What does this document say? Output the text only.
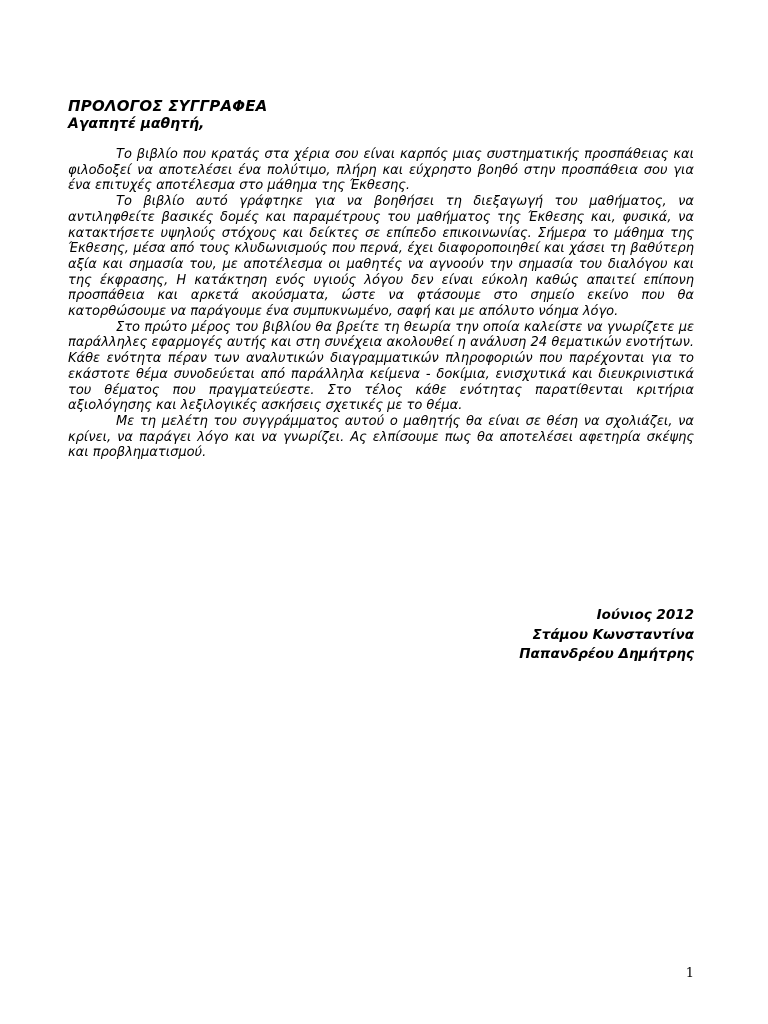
ΠΡΟΛΟΓΟΣ ΣΥΓΓΡΑΦΕΑ

Αγαπητέ μαθητή,

Το βιβλίο που κρατάς στα χέρια σου είναι καρπός μιας συστηματικής προσπάθειας και φιλοδοξεί να αποτελέσει ένα πολύτιμο, πλήρη και εύχρηστο βοηθό στην προσπάθεια σου για ένα επιτυχές αποτέλεσμα στο μάθημα της Έκθεσης.

Το βιβλίο αυτό γράφτηκε για να βοηθήσει τη διεξαγωγή του μαθήματος, να αντιληφθείτε βασικές δομές και παραμέτρους του μαθήματος της Έκθεσης και, φυσικά, να κατακτήσετε υψηλούς στόχους και δείκτες σε επίπεδο επικοινωνίας. Σήμερα το μάθημα της Έκθεσης, μέσα από τους κλυδωνισμούς που περνά, έχει διαφοροποιηθεί και χάσει τη βαθύτερη αξία και σημασία του, με αποτέλεσμα οι μαθητές να αγνοούν την σημασία του διαλόγου και της έκφρασης, Η κατάκτηση ενός υγιούς λόγου δεν είναι εύκολη καθώς απαιτεί επίπονη προσπάθεια και αρκετά ακούσματα, ώστε να φτάσουμε στο σημείο εκείνο που θα κατορθώσουμε να παράγουμε ένα συμπυκνωμένο, σαφή και με απόλυτο νόημα λόγο.

Στο πρώτο μέρος του βιβλίου θα βρείτε τη θεωρία την οποία καλείστε να γνωρίζετε με παράλληλες εφαρμογές αυτής και στη συνέχεια ακολουθεί η ανάλυση 24 θεματικών ενοτήτων. Κάθε ενότητα πέραν των αναλυτικών διαγραμματικών πληροφοριών που παρέχονται για το εκάστοτε θέμα συνοδεύεται από παράλληλα κείμενα - δοκίμια, ενισχυτικά και διευκρινιστικά του θέματος που πραγματεύεστε. Στο τέλος κάθε ενότητας παρατίθενται κριτήρια αξιολόγησης και λεξιλογικές ασκήσεις σχετικές με το θέμα.

Με τη μελέτη του συγγράμματος αυτού ο μαθητής θα είναι σε θέση να σχολιάζει, να κρίνει, να παράγει λόγο και να γνωρίζει. Ας ελπίσουμε πως θα αποτελέσει αφετηρία σκέψης και προβληματισμού.

Ιούνιος 2012
Στάμου Κωνσταντίνα
Παπανδρέου Δημήτρης
1
